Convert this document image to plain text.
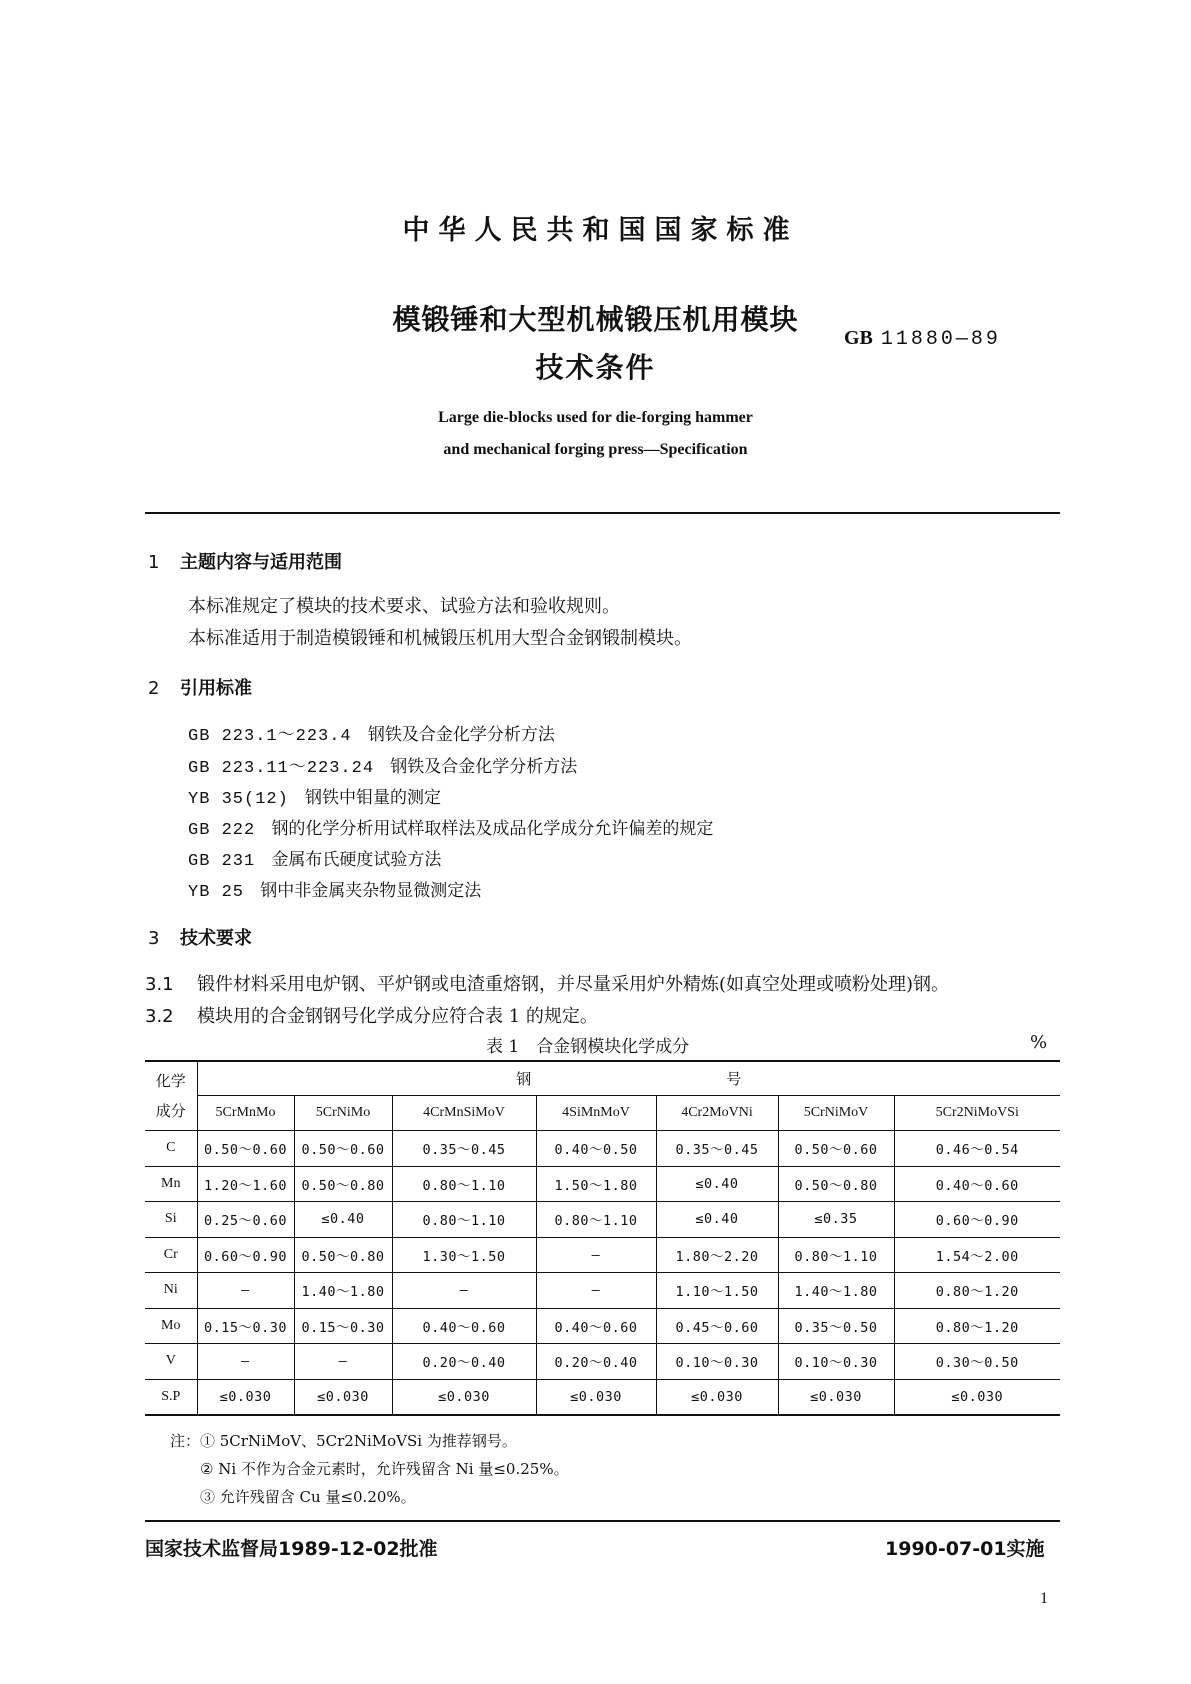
中华人民共和国国家标准
模锻锤和大型机械锻压机用模块
技术条件
GB 11880—89
Large die-blocks used for die-forging hammer
and mechanical forging press—Specification
1 主题内容与适用范围
本标准规定了模块的技术要求、试验方法和验收规则。
本标准适用于制造模锻锤和机械锻压机用大型合金钢锻制模块。
2 引用标准
GB 223.1～223.4 钢铁及合金化学分析方法
GB 223.11～223.24 钢铁及合金化学分析方法
YB 35(12) 钢铁中钼量的测定
GB 222 钢的化学分析用试样取样法及成品化学成分允许偏差的规定
GB 231 金属布氏硬度试验方法
YB 25 钢中非金属夹杂物显微测定法
3 技术要求
3.1 锻件材料采用电炉钢、平炉钢或电渣重熔钢，并尽量采用炉外精炼(如真空处理或喷粉处理)钢。
3.2 模块用的合金钢钢号化学成分应符合表 1 的规定。
表 1　合金钢模块化学成分	%
化学
成分	钢 号						
	5CrMnMo	5CrNiMo	4CrMnSiMoV	4SiMnMoV	4Cr2MoVNi	5CrNiMoV	5Cr2NiMoVSi
C	0.50～0.60	0.50～0.60	0.35～0.45	0.40～0.50	0.35～0.45	0.50～0.60	0.46～0.54
Mn	1.20～1.60	0.50～0.80	0.80～1.10	1.50～1.80	≤0.40	0.50～0.80	0.40～0.60
Si	0.25～0.60	≤0.40	0.80～1.10	0.80～1.10	≤0.40	≤0.35	0.60～0.90
Cr	0.60～0.90	0.50～0.80	1.30～1.50	—	1.80～2.20	0.80～1.10	1.54～2.00
Ni	—	1.40～1.80	—	—	1.10～1.50	1.40～1.80	0.80～1.20
Mo	0.15～0.30	0.15～0.30	0.40～0.60	0.40～0.60	0.45～0.60	0.35～0.50	0.80～1.20
V	—	—	0.20～0.40	0.20～0.40	0.10～0.30	0.10～0.30	0.30～0.50
S.P	≤0.030	≤0.030	≤0.030	≤0.030	≤0.030	≤0.030	≤0.030
注：① 5CrNiMoV、5Cr2NiMoVSi 为推荐钢号。
② Ni 不作为合金元素时，允许残留含 Ni 量≤0.25%。
③ 允许残留含 Cu 量≤0.20%。
国家技术监督局1989-12-02批准	1990-07-01实施
1
